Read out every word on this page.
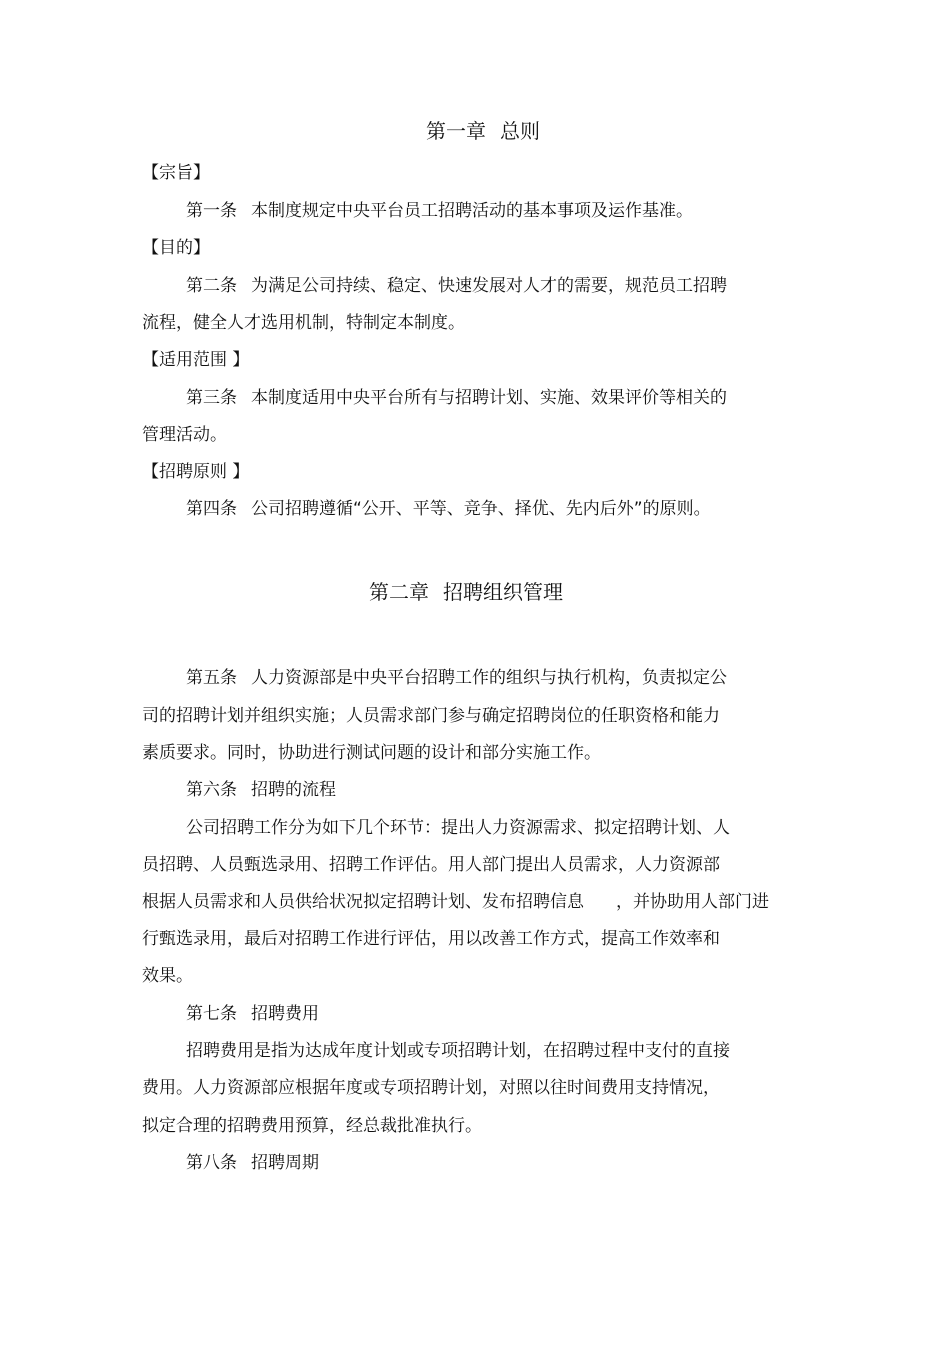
第一章 总则
【宗旨】
第一条 本制度规定中央平台员工招聘活动的基本事项及运作基准。
【目的】
第二条 为满足公司持续、稳定、快速发展对人才的需要，规范员工招聘
流程，健全人才选用机制，特制定本制度。
【适用范围 】
第三条 本制度适用中央平台所有与招聘计划、实施、效果评价等相关的
管理活动。
【招聘原则 】
第四条 公司招聘遵循“公开、平等、竞争、择优、先内后外”的原则。
第二章 招聘组织管理
第五条 人力资源部是中央平台招聘工作的组织与执行机构，负责拟定公
司的招聘计划并组织实施；人员需求部门参与确定招聘岗位的任职资格和能力
素质要求。同时，协助进行测试问题的设计和部分实施工作。
第六条 招聘的流程
公司招聘工作分为如下几个环节：提出人力资源需求、拟定招聘计划、人
员招聘、人员甄选录用、招聘工作评估。用人部门提出人员需求，人力资源部
根据人员需求和人员供给状况拟定招聘计划、发布招聘信息 ，并协助用人部门进
行甄选录用，最后对招聘工作进行评估，用以改善工作方式，提高工作效率和
效果。
第七条 招聘费用
招聘费用是指为达成年度计划或专项招聘计划，在招聘过程中支付的直接
费用。人力资源部应根据年度或专项招聘计划，对照以往时间费用支持情况，
拟定合理的招聘费用预算，经总裁批准执行。
第八条 招聘周期
